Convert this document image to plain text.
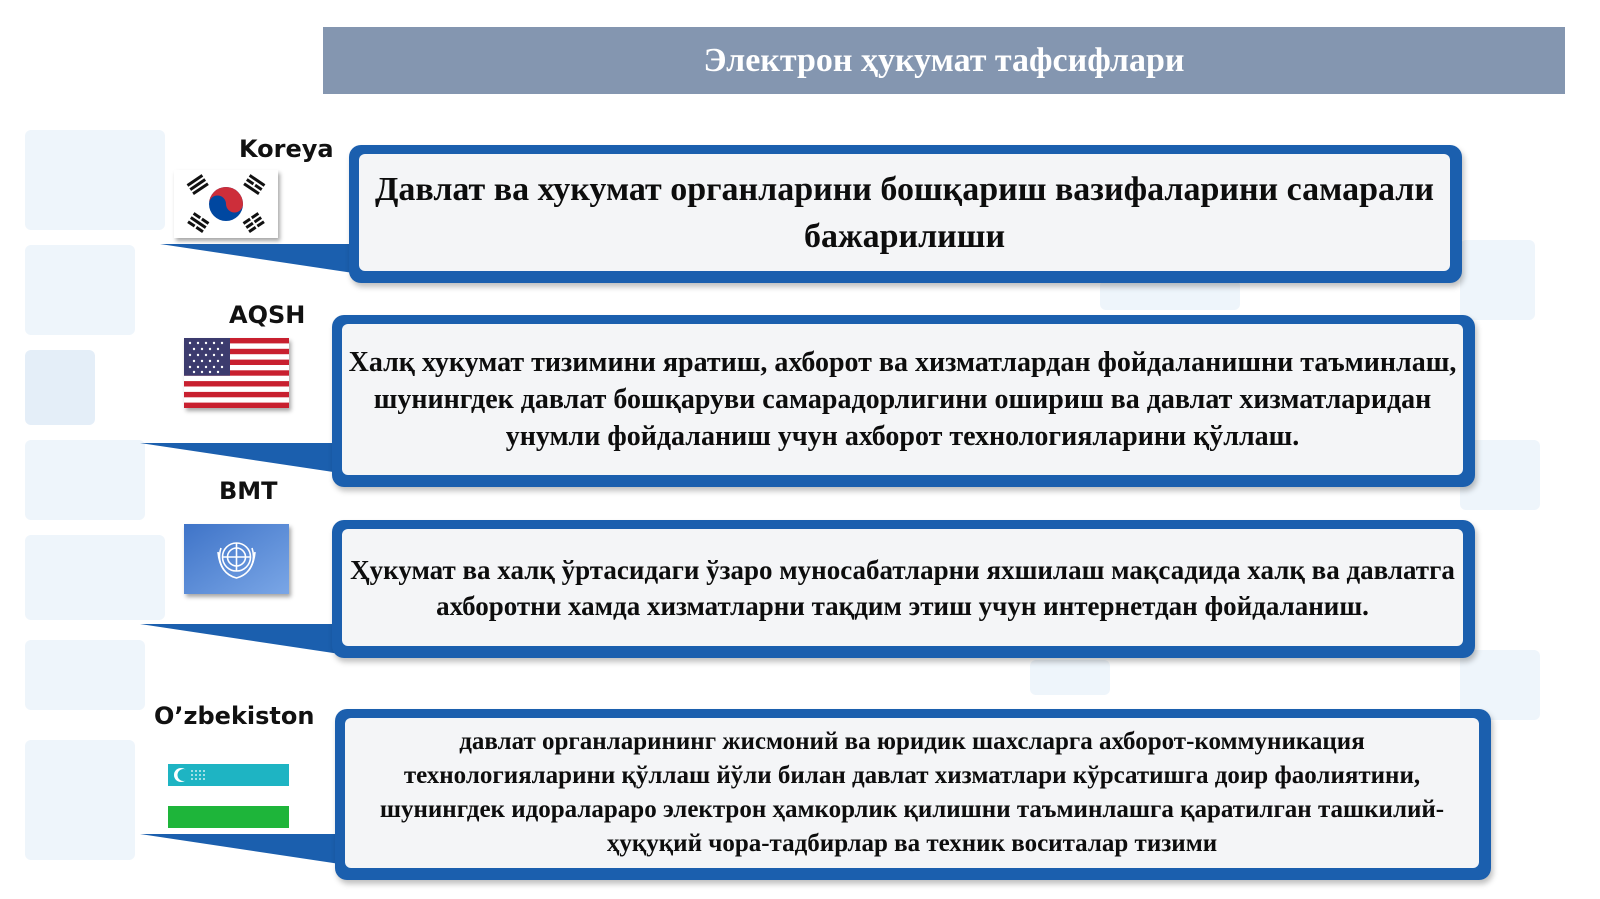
Электрон ҳукумат тафсифлари
Koreya
Давлат ва хукумат органларини бошқариш вазифаларини самарали бажарилиши
AQSH
Халқ хукумат тизимини яратиш, ахборот ва хизматлардан фойдаланишни таъминлаш, шунингдек давлат бошқаруви самарадорлигини ошириш ва давлат хизматларидан унумли фойдаланиш учун ахборот технологияларини қўллаш.
BMT
Ҳукумат ва халқ ўртасидаги ўзаро муносабатларни яхшилаш мақсадида халқ ва давлатга ахборотни хамда хизматларни тақдим этиш учун интернетдан фойдаланиш.
O’zbekiston
давлат органларининг жисмоний ва юридик шахсларга ахборот-коммуникация технологияларини қўллаш йўли билан давлат хизматлари кўрсатишга доир фаолиятини, шунингдек идоралараро электрон ҳамкорлик қилишни таъминлашга қаратилган ташкилий-ҳуқуқий чора-тадбирлар ва техник воситалар тизими
